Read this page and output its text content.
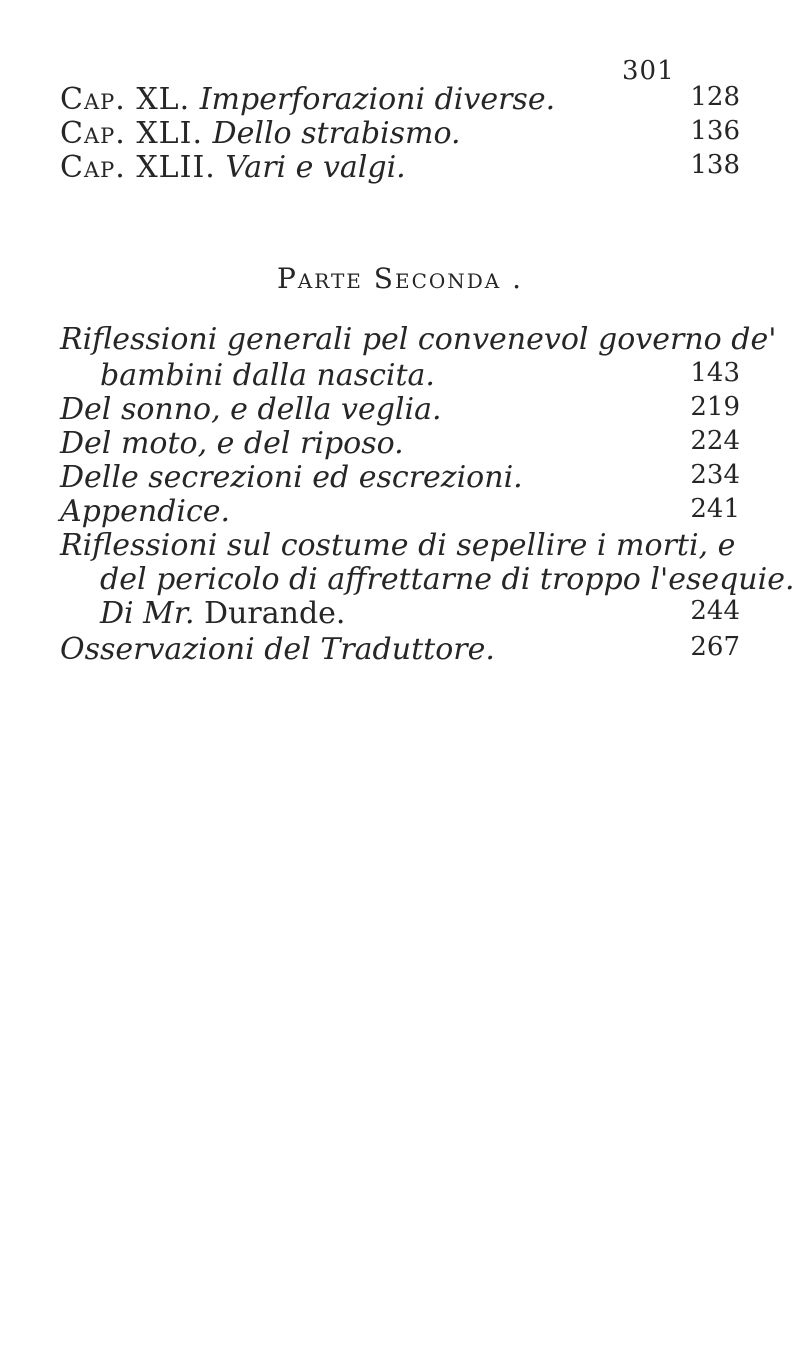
301
Cap. XL. Imperforazioni diverse.	128
Cap. XLI. Dello strabismo.	136
Cap. XLII. Vari e valgi.	138
Parte Seconda .
Riflessioni generali pel convenevol governo de'
bambini dalla nascita.	143
Del sonno, e della veglia.	219
Del moto, e del riposo.	224
Delle secrezioni ed escrezioni.	234
Appendice.	241
Riflessioni sul costume di sepellire i morti, e
del pericolo di affrettarne di troppo l'esequie.
Di Mr. Durande.	244
Osservazioni del Traduttore.	267
